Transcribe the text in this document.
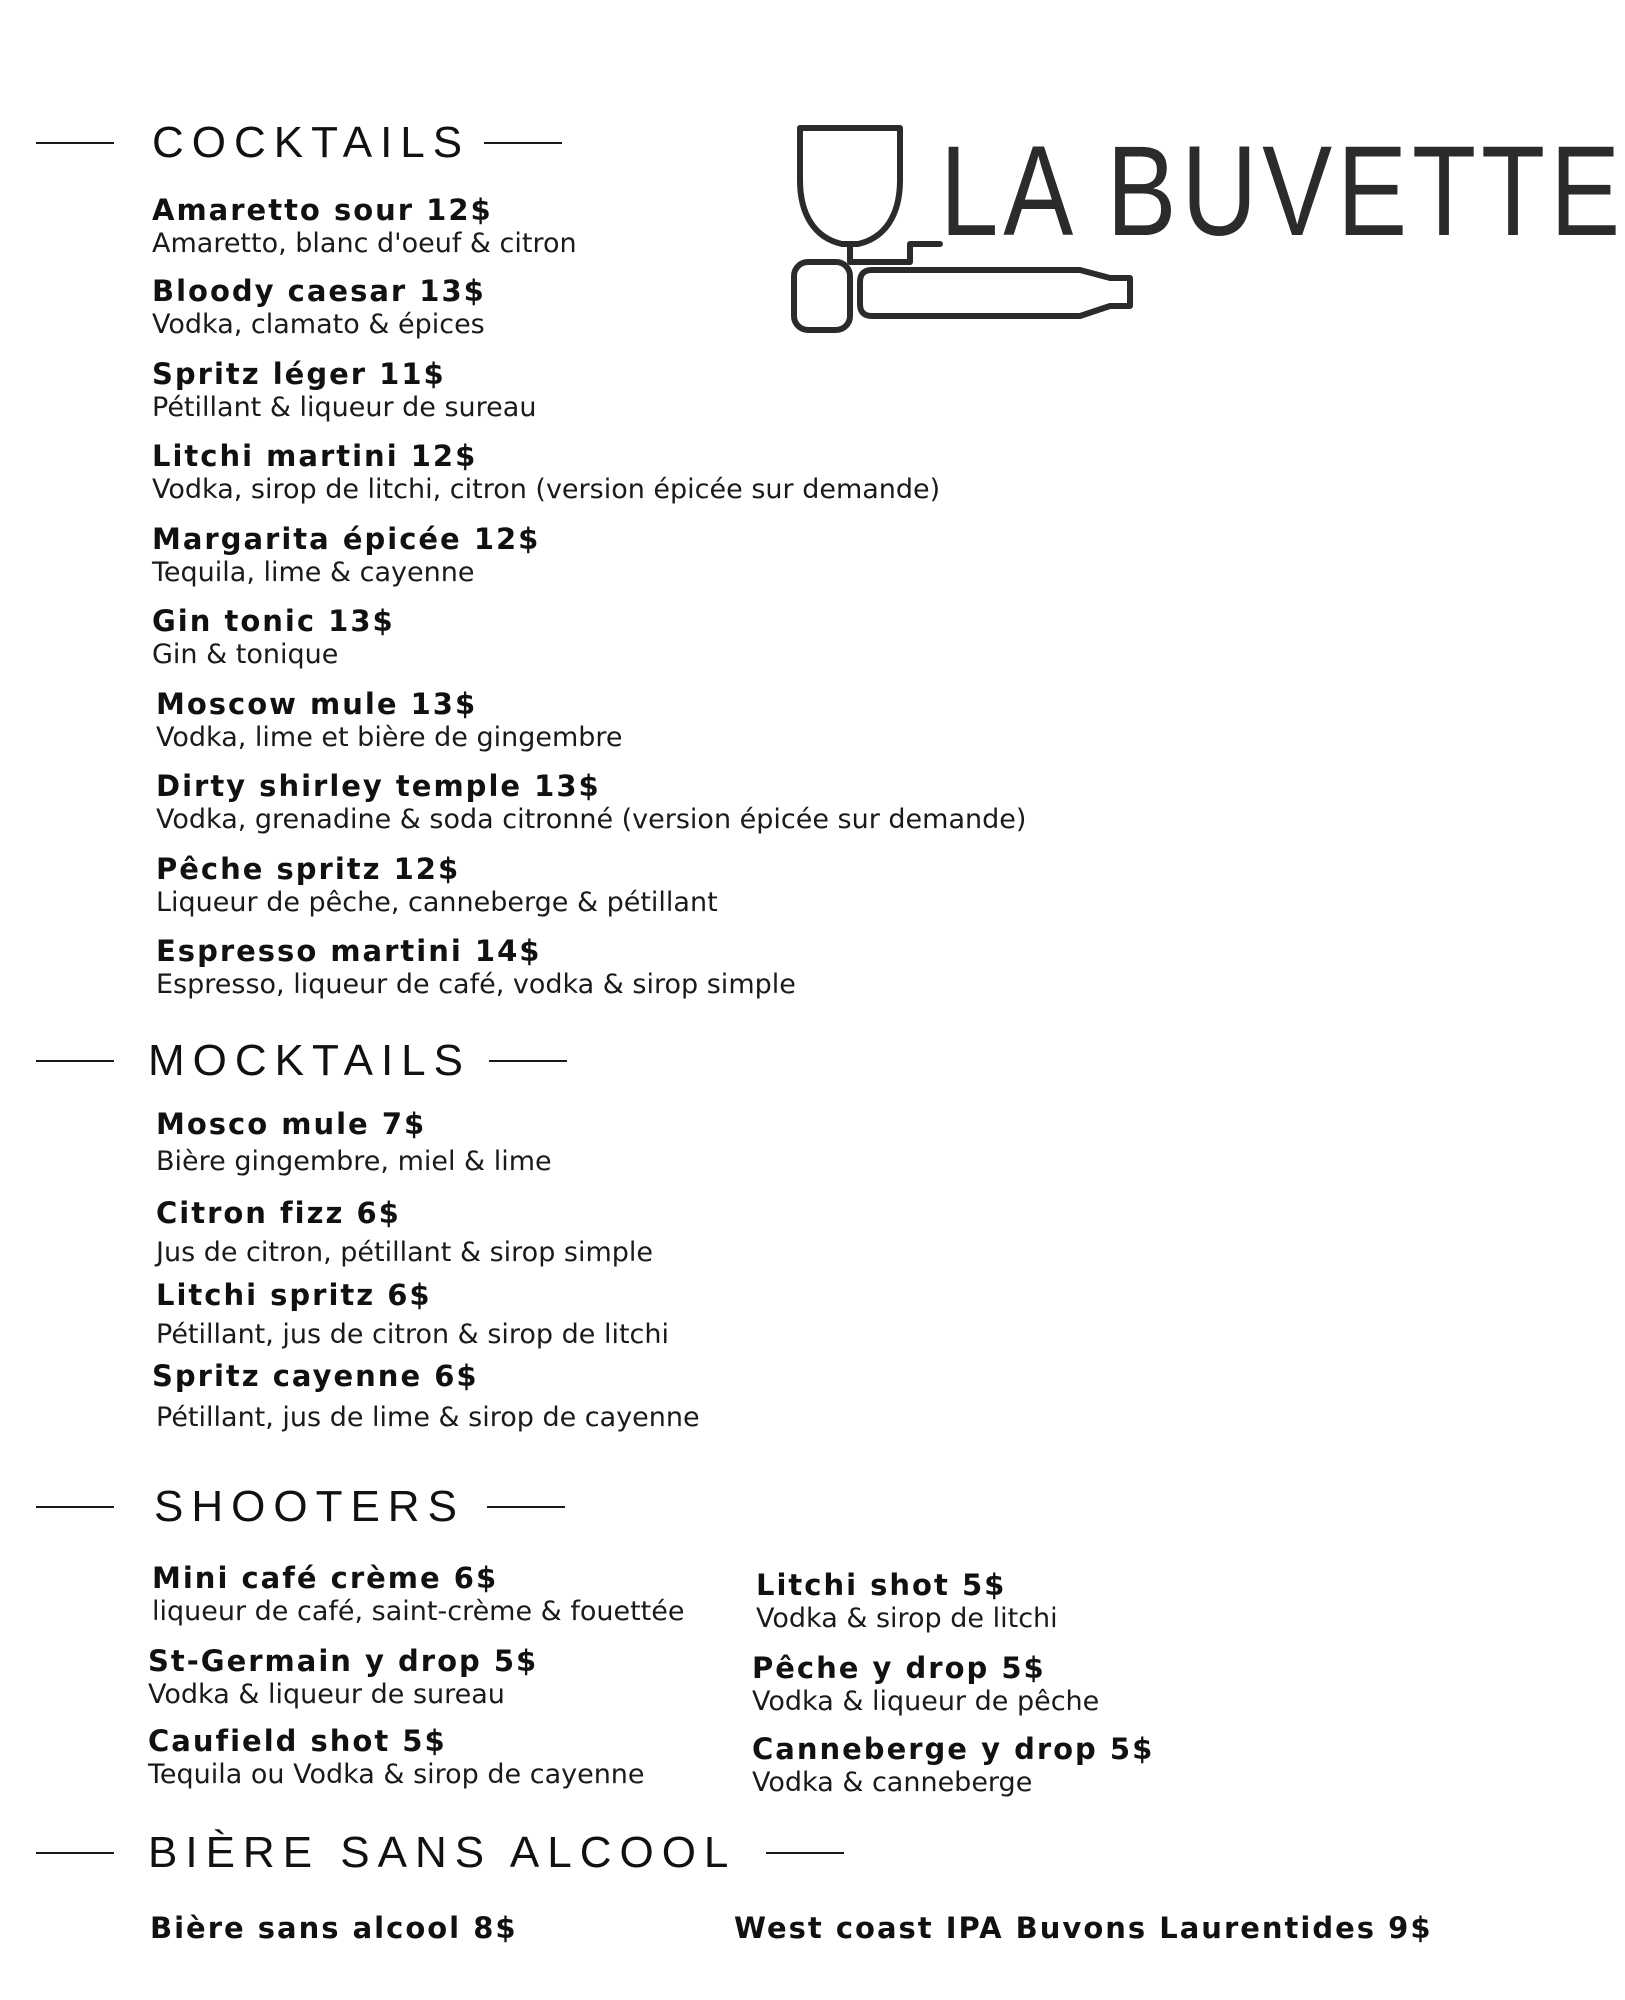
LA BUVETTE
COCKTAILS
Amaretto sour 12$
Amaretto, blanc d'oeuf & citron
Bloody caesar 13$
Vodka, clamato & épices
Spritz léger 11$
Pétillant & liqueur de sureau
Litchi martini 12$
Vodka, sirop de litchi, citron (version épicée sur demande)
Margarita épicée 12$
Tequila, lime & cayenne
Gin tonic 13$
Gin & tonique
Moscow mule 13$
Vodka, lime et bière de gingembre
Dirty shirley temple 13$
Vodka, grenadine & soda citronné (version épicée sur demande)
Pêche spritz 12$
Liqueur de pêche, canneberge & pétillant
Espresso martini 14$
Espresso, liqueur de café, vodka & sirop simple
MOCKTAILS
Mosco mule 7$
Bière gingembre, miel & lime
Citron fizz 6$
Jus de citron, pétillant & sirop simple
Litchi spritz 6$
Pétillant, jus de citron & sirop de litchi
Spritz cayenne 6$
Pétillant, jus de lime & sirop de cayenne
SHOOTERS
Mini café crème 6$
liqueur de café, saint-crème & fouettée
St-Germain y drop 5$
Vodka & liqueur de sureau
Caufield shot 5$
Tequila ou Vodka & sirop de cayenne
Litchi shot 5$
Vodka & sirop de litchi
Pêche y drop 5$
Vodka & liqueur de pêche
Canneberge y drop 5$
Vodka & canneberge
BIÈRE SANS ALCOOL
Bière sans alcool 8$	West coast IPA Buvons Laurentides 9$
